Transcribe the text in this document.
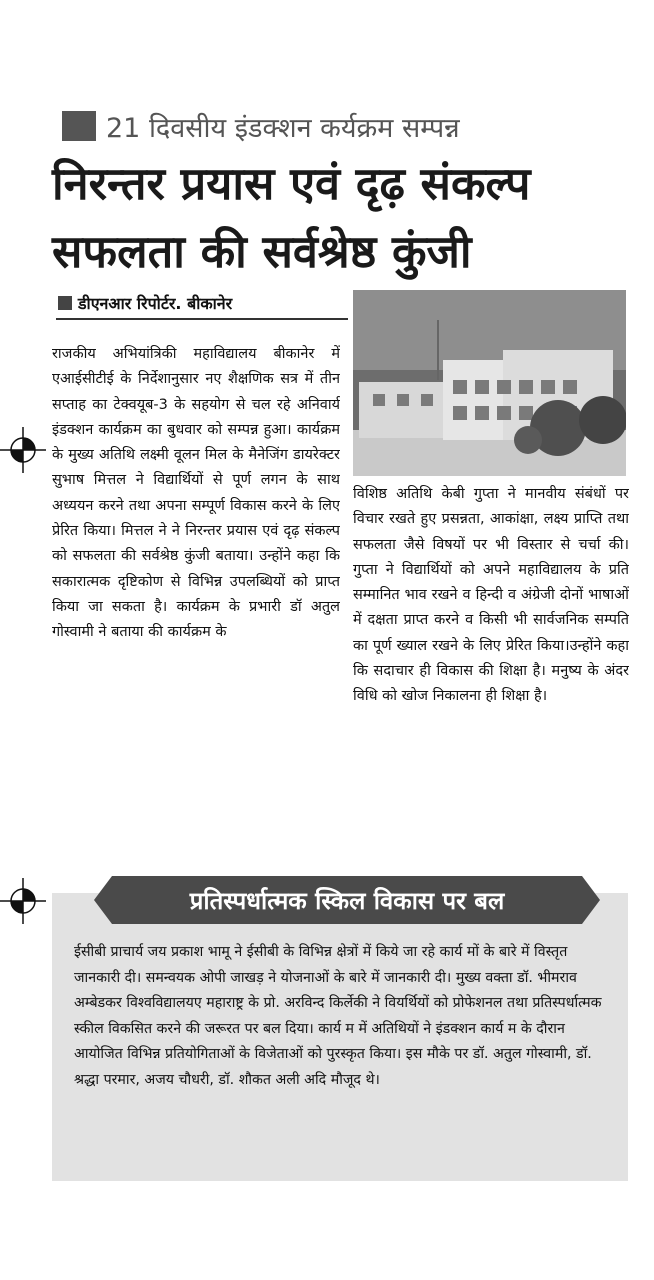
21 दिवसीय इंडक्शन कर्यक्रम सम्पन्न
निरन्तर प्रयास एवं दृढ़ संकल्प
सफलता की सर्वश्रेष्ठ कुंजी
डीएनआर रिपोर्टर. बीकानेर
राजकीय अभियांत्रिकी महाविद्यालय बीकानेर में एआईसीटीई के निर्देशानुसार नए शैक्षणिक सत्र में तीन सप्ताह का टेक्वयूब-3 के सहयोग से चल रहे अनिवार्य इंडक्शन कार्यक्रम का बुधवार को सम्पन्न हुआ। कार्यक्रम के मुख्य अतिथि लक्ष्मी वूलन मिल के मैनेजिंग डायरेक्टर सुभाष मित्तल ने विद्यार्थियों से पूर्ण लगन के साथ अध्ययन करने तथा अपना सम्पूर्ण विकास करने के लिए प्रेरित किया। मित्तल ने ने निरन्तर प्रयास एवं दृढ़ संकल्प को सफलता की सर्वश्रेष्ठ कुंजी बताया। उन्होंने कहा कि सकारात्मक दृष्टिकोण से विभिन्न उपलब्धियों को प्राप्त किया जा सकता है। कार्यक्रम के प्रभारी डॉ अतुल गोस्वामी ने बताया की कार्यक्रम के
विशिष्ठ अतिथि केबी गुप्ता ने मानवीय संबंधों पर विचार रखते हुए प्रसन्नता, आकांक्षा, लक्ष्य प्राप्ति तथा सफलता जैसे विषयों पर भी विस्तार से चर्चा की। गुप्ता ने विद्यार्थियों को अपने महाविद्यालय के प्रति सम्मानित भाव रखने व हिन्दी व अंग्रेजी दोनों भाषाओं में दक्षता प्राप्त करने व किसी भी सार्वजनिक सम्पति का पूर्ण ख्याल रखने के लिए प्रेरित किया।उन्होंने कहा कि सदाचार ही विकास की शिक्षा है। मनुष्य के अंदर विधि को खोज निकालना ही शिक्षा है।
प्रतिस्पर्धात्मक स्किल विकास पर बल
ईसीबी प्राचार्य जय प्रकाश भामू ने ईसीबी के विभिन्न क्षेत्रों में किये जा रहे कार्य मों के बारे में विस्तृत जानकारी दी। समन्वयक ओपी जाखड़ ने योजनाओं के बारे में जानकारी दी। मुख्य वक्ता डॉ. भीमराव अम्बेडकर विश्वविद्यालयए महाराष्ट्र के प्रो. अरविन्द किर्लेकी ने वियर्थियों को प्रोफेशनल तथा प्रतिस्पर्धात्मक स्कील विकसित करने की जरूरत पर बल दिया। कार्य म में अतिथियों ने इंडक्शन कार्य म के दौरान आयोजित विभिन्न प्रतियोगिताओं के विजेताओं को पुरस्कृत किया। इस मौके पर डॉ. अतुल गोस्वामी, डॉ. श्रद्धा परमार, अजय चौधरी, डॉ. शौकत अली अदि मौजूद थे।
